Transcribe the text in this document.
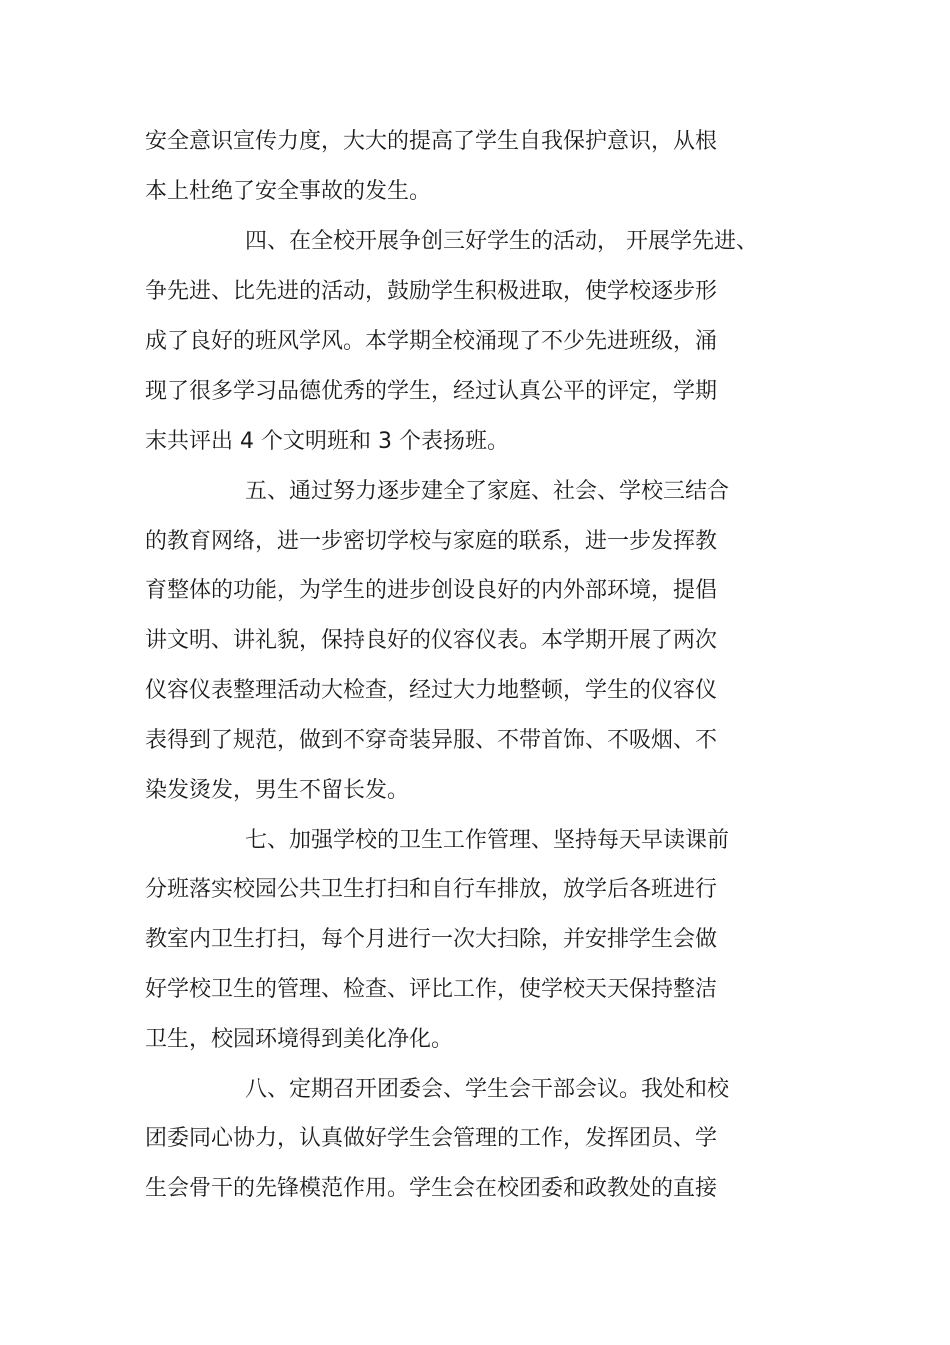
安全意识宣传力度，大大的提高了学生自我保护意识，从根

本上杜绝了安全事故的发生。

四、在全校开展争创三好学生的活动， 开展学先进、

争先进、比先进的活动，鼓励学生积极进取，使学校逐步形

成了良好的班风学风。本学期全校涌现了不少先进班级，涌

现了很多学习品德优秀的学生，经过认真公平的评定，学期

末共评出 4 个文明班和 3 个表扬班。

五、通过努力逐步建全了家庭、社会、学校三结合

的教育网络，进一步密切学校与家庭的联系，进一步发挥教

育整体的功能，为学生的进步创设良好的内外部环境，提倡

讲文明、讲礼貌，保持良好的仪容仪表。本学期开展了两次

仪容仪表整理活动大检查，经过大力地整顿，学生的仪容仪

表得到了规范，做到不穿奇装异服、不带首饰、不吸烟、不

染发烫发，男生不留长发。

七、加强学校的卫生工作管理、坚持每天早读课前

分班落实校园公共卫生打扫和自行车排放，放学后各班进行

教室内卫生打扫，每个月进行一次大扫除，并安排学生会做

好学校卫生的管理、检查、评比工作，使学校天天保持整洁

卫生，校园环境得到美化净化。

八、定期召开团委会、学生会干部会议。我处和校

团委同心协力，认真做好学生会管理的工作，发挥团员、学

生会骨干的先锋模范作用。学生会在校团委和政教处的直接
